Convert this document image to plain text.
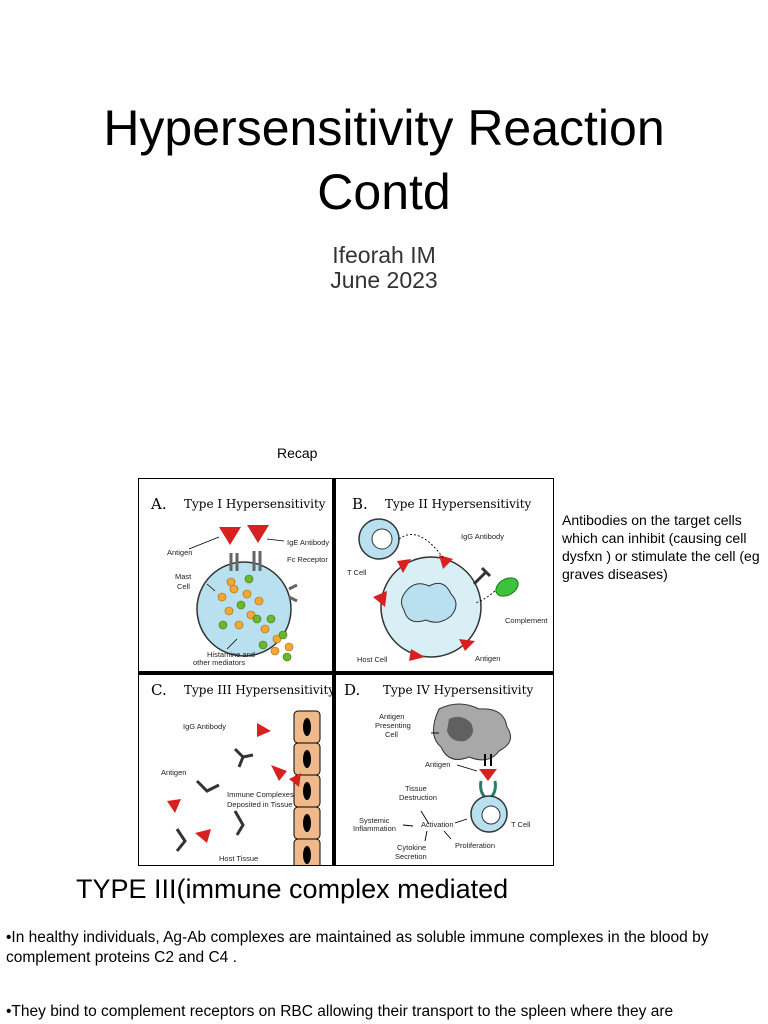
Hypersensitivity Reaction
Contd
Ifeorah IM
June 2023
Recap
Antibodies on the target cells which can inhibit (causing cell dysfxn ) or stimulate the cell (eg graves diseases)
A. Type I Hypersensitivity
Antigen
IgE Antibody
Fc Receptor
Mast
Cell
Histamine and
other mediators
B. Type II Hypersensitivity
T Cell
IgG Antibody
Complement
Host Cell	Antigen
C. Type III Hypersensitivity
IgG Antibody
Antigen
Immune Complexes
Deposited in Tissue
Host Tissue
D. Type IV Hypersensitivity
Antigen
Presenting
Cell
Antigen
Tissue
Destruction
Systemic
Inflammation	Activation	T Cell
Cytokine
Secretion
Proliferation
TYPE III(immune complex mediated

•In healthy individuals, Ag-Ab complexes are maintained as soluble immune complexes in the blood by complement proteins C2 and C4 .

•They bind to complement receptors on RBC allowing their transport to the spleen where they are
